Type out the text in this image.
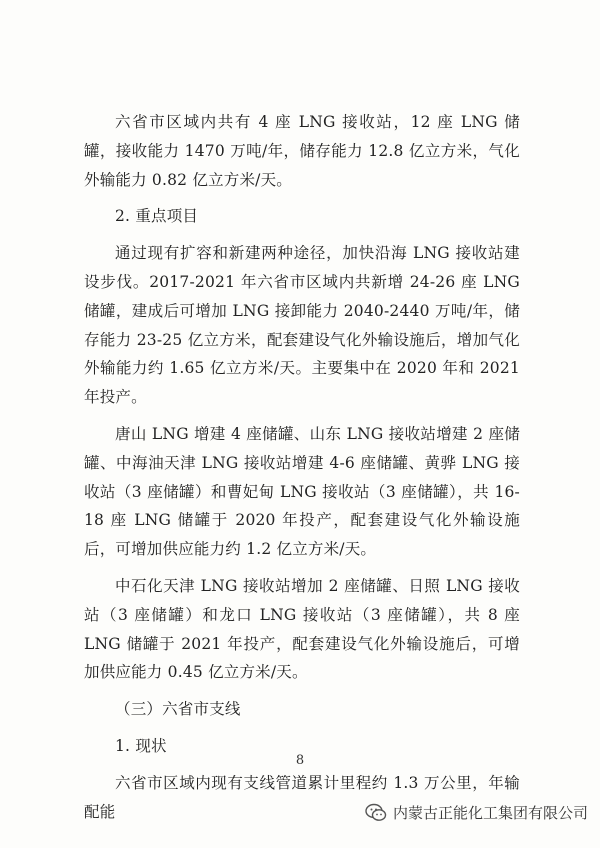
六省市区域内共有 4 座 LNG 接收站，12 座 LNG 储罐，接收能力 1470 万吨/年，储存能力 12.8 亿立方米，气化外输能力 0.82 亿立方米/天。

2. 重点项目

通过现有扩容和新建两种途径，加快沿海 LNG 接收站建设步伐。2017-2021 年六省市区域内共新增 24-26 座 LNG 储罐，建成后可增加 LNG 接卸能力 2040-2440 万吨/年，储存能力 23-25 亿立方米，配套建设气化外输设施后，增加气化外输能力约 1.65 亿立方米/天。主要集中在 2020 年和 2021 年投产。

唐山 LNG 增建 4 座储罐、山东 LNG 接收站增建 2 座储罐、中海油天津 LNG 接收站增建 4-6 座储罐、黄骅 LNG 接收站（3 座储罐）和曹妃甸 LNG 接收站（3 座储罐），共 16-18 座 LNG 储罐于 2020 年投产，配套建设气化外输设施后，可增加供应能力约 1.2 亿立方米/天。

中石化天津 LNG 接收站增加 2 座储罐、日照 LNG 接收站（3 座储罐）和龙口 LNG 接收站（3 座储罐），共 8 座 LNG 储罐于 2021 年投产，配套建设气化外输设施后，可增加供应能力 0.45 亿立方米/天。

（三）六省市支线

1. 现状

六省市区域内现有支线管道累计里程约 1.3 万公里，年输配能

8
内蒙古正能化工集团有限公司
